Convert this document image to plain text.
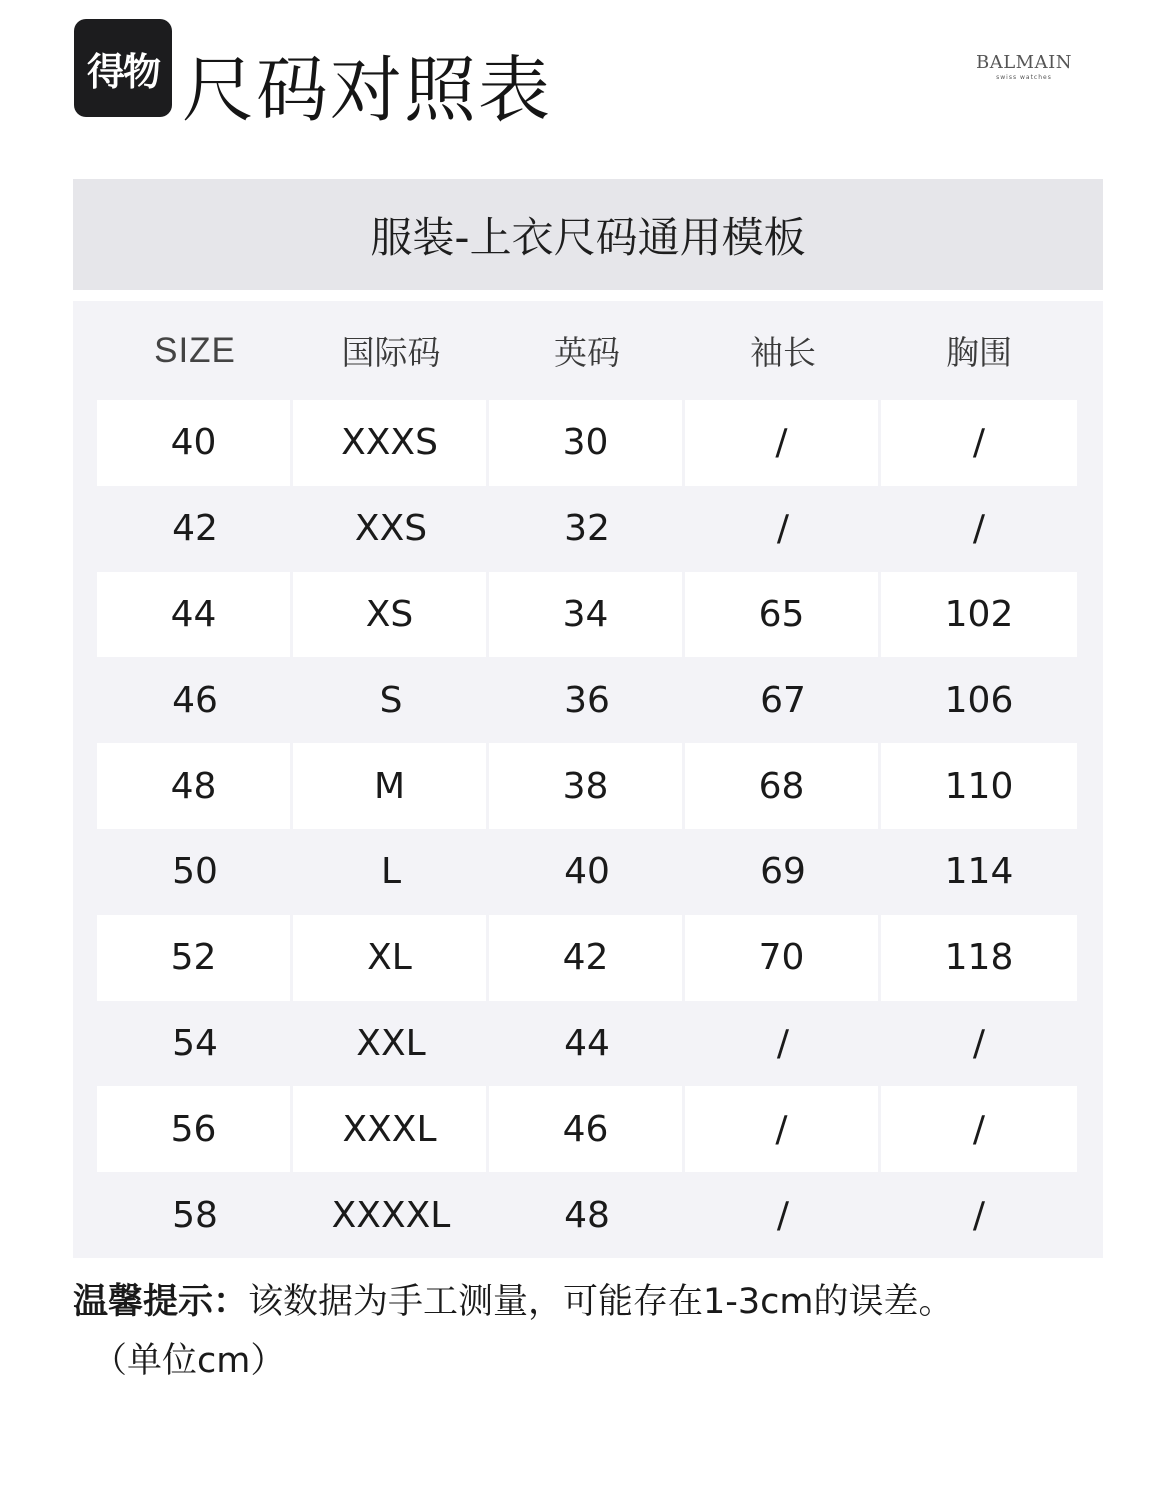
得物 尺码对照表	BALMAIN
swiss watches
服装-上衣尺码通用模板
SIZE	国际码	英码	袖长	胸围
40	XXXS	30	/	/
42	XXS	32	/	/
44	XS	34	65	102
46	S	36	67	106
48	M	38	68	110
50	L	40	69	114
52	XL	42	70	118
54	XXL	44	/	/
56	XXXL	46	/	/
58	XXXXL	48	/	/
温馨提示：该数据为手工测量，可能存在1-3cm的误差。
（单位cm）
